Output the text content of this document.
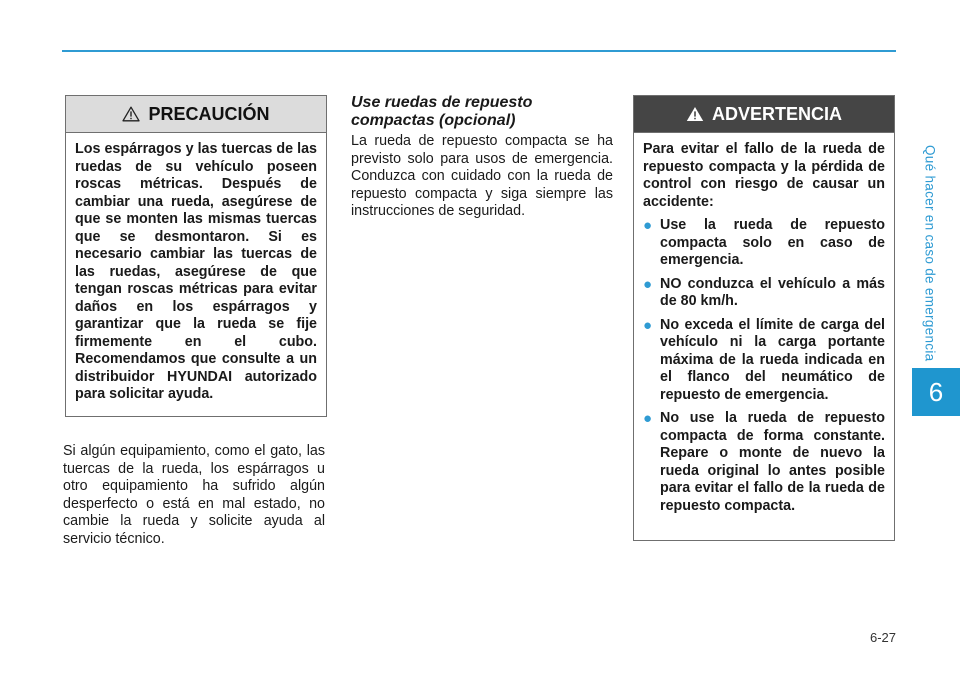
Qué hacer en caso de emergencia
6
PRECAUCIÓN

Los espárragos y las tuercas de las ruedas de su vehículo poseen roscas métricas. Después de cambiar una rueda, asegúrese de que se monten las mismas tuercas que se desmontaron. Si es necesario cambiar las tuercas de las ruedas, asegúrese de que tengan roscas métricas para evitar daños en los espárragos y garantizar que la rueda se fije firmemente en el cubo. Recomendamos que consulte a un distribuidor HYUNDAI autorizado para solicitar ayuda.

Si algún equipamiento, como el gato, las tuercas de la rueda, los espárragos u otro equipamiento ha sufrido algún desperfecto o está en mal estado, no cambie la rueda y solicite ayuda al servicio técnico.

Use ruedas de repuesto
compactas (opcional)

La rueda de repuesto compacta se ha previsto solo para usos de emergencia. Conduzca con cuidado con la rueda de repuesto compacta y siga siempre las instrucciones de seguridad.

ADVERTENCIA

Para evitar el fallo de la rueda de repuesto compacta y la pérdida de control con riesgo de causar un accidente:

● Use la rueda de repuesto compacta solo en caso de emergencia.
● NO conduzca el vehículo a más de 80 km/h.
● No exceda el límite de carga del vehículo ni la carga portante máxima de la rueda indicada en el flanco del neumático de repuesto de emergencia.
● No use la rueda de repuesto compacta de forma constante. Repare o monte de nuevo la rueda original lo antes posible para evitar el fallo de la rueda de repuesto compacta.
6-27
